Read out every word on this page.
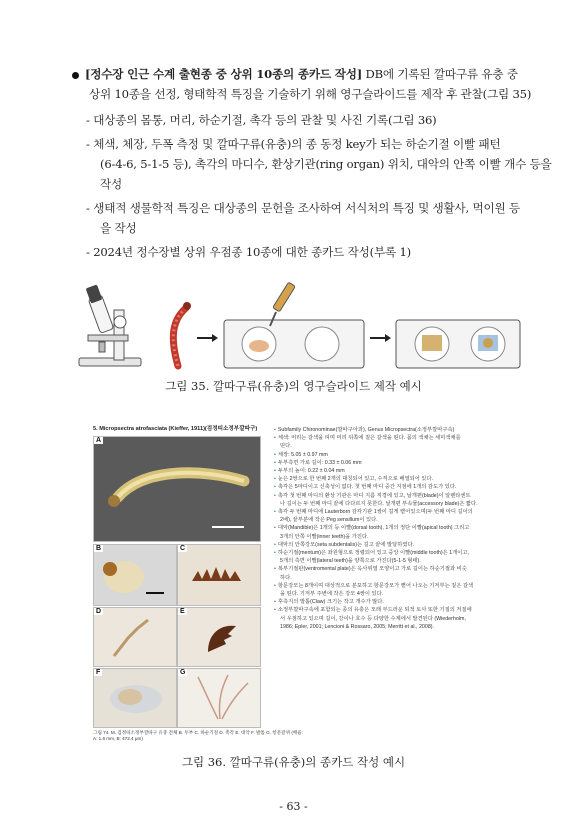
[정수장 인근 수계 출현종 중 상위 10종의 종카드 작성] DB에 기록된 깔따구류 유충 중
상위 10종을 선정, 형태학적 특징을 기술하기 위해 영구슬라이드를 제작 후 관찰(그림 35)
- 대상종의 몸통, 머리, 하순기절, 촉각 등의 관찰 및 사진 기록(그림 36)
- 체색, 체장, 두폭 측정 및 깔따구류(유충)의 종 동정 key가 되는 하순기절 이빨 패턴
(6-4-6, 5-1-5 등), 촉각의 마디수, 환상기관(ring organ) 위치, 대악의 안쪽 이빨 개수 등을
작성
- 생태적 생물학적 특징은 대상종의 문헌을 조사하여 서식처의 특징 및 생활사, 먹이원 등
을 작성
- 2024년 정수장별 상위 우점종 10종에 대한 종카드 작성(부록 1)
그림 35. 깔따구류(유충)의 영구슬라이드 제작 예시
5. Micropsectra atrofasciata (Kieffer, 1911)(검정띠소정부깔따구)
A
B	C
D	E
F	G
그림 74. M. 검정띠소정부깔따구 유충 전체 B. 두부 C. 하순기절 D. 촉각 E. 대악 F. 발톱 G. 항문갈퀴 (배율:
A: 1.6 mm, B: 472.4 μm)
▪ Subfamily Chironominae(깔따구아과), Genus Micropsectra(소정부깔따구속)
▪ 체색: 머리는 갈색을 띠며 머리 뒤쪽에 짙은 갈색을 띤다. 몸의 색채는 세미색채를
띤다.
▪ 체장: 5.05 ± 0.97 mm
▪ 두부측면 가로 길이: 0.33 ± 0.06 mm
▪ 두부의 높이: 0.22 ± 0.04 mm
▪ 눈은 2쌍으로 한 번째 2개의 대칭되어 있고, 수직으로 배열되어 있다.
▪ 촉각은 5마디이고 신축성이 없다. 첫 번째 마디 중간 지점에 1개의 감도가 있다.
▪ 촉각 첫 번째 마디의 환상 기관은 마디 지름 직경에 있고, 날개편(blade)이 알렌타센트
나 길이는 두 번째 마디 끝에 다다르지 못한다. 날개편 부속물(accessory blade)은 짧다.
▪ 촉각 두 번째 마디에 Lauterborn 감각기관 1쌍이 길게 뻗어있으며(두 번째 마디 길이의
2배), 끝부분에 작은 Peg sensillum이 있다.
▪ 대악(Mandible)은 1개의 등 이빨(dorsal tooth), 1개의 정단 이빨(apical tooth) 그리고
3개의 안쪽 이빨(inner teeth)을 가진다.
▪ 대악의 안쪽강모(seta subdentalis)는 길고 끝에 발달하였다.
▪ 하순기절(mentum)은 좌원형으로 정렬되어 있고 중앙 이빨(middle tooth)은 1개이고,
5개의 측면 이빨(lateral teeth)을 양쪽으로 가진다(5-1-5 형태).
▪ 복부기절판(ventromental plate)은 옥사위열 모양이고 가로 길이는 하순기절과 비슷
하다.
▪ 항문강모는 8개이며 대상적으로 분포하고 항문강모가 뻗어 나오는 기저부는 짙은 갈색
을 띤다. 기저부 주변에 작은 강모 4쌍이 있다.
▪ 후측지의 발톱(Claw) 크기는 작고 개수가 많다.
▪ 소정부깔따구속에 포함되는 종의 유충은 모래 부드러운 퇴적 토사 또한 기질의 저질에
서 우점하고 있으며 길이, 강이나 호수 등 다양한 수계에서 발견된다 (Wiederholm,
1986; Epler, 2001; Lencioni & Rossaro, 2005; Merritt et al., 2008).
그림 36. 깔따구류(유충)의 종카드 작성 예시
- 63 -
